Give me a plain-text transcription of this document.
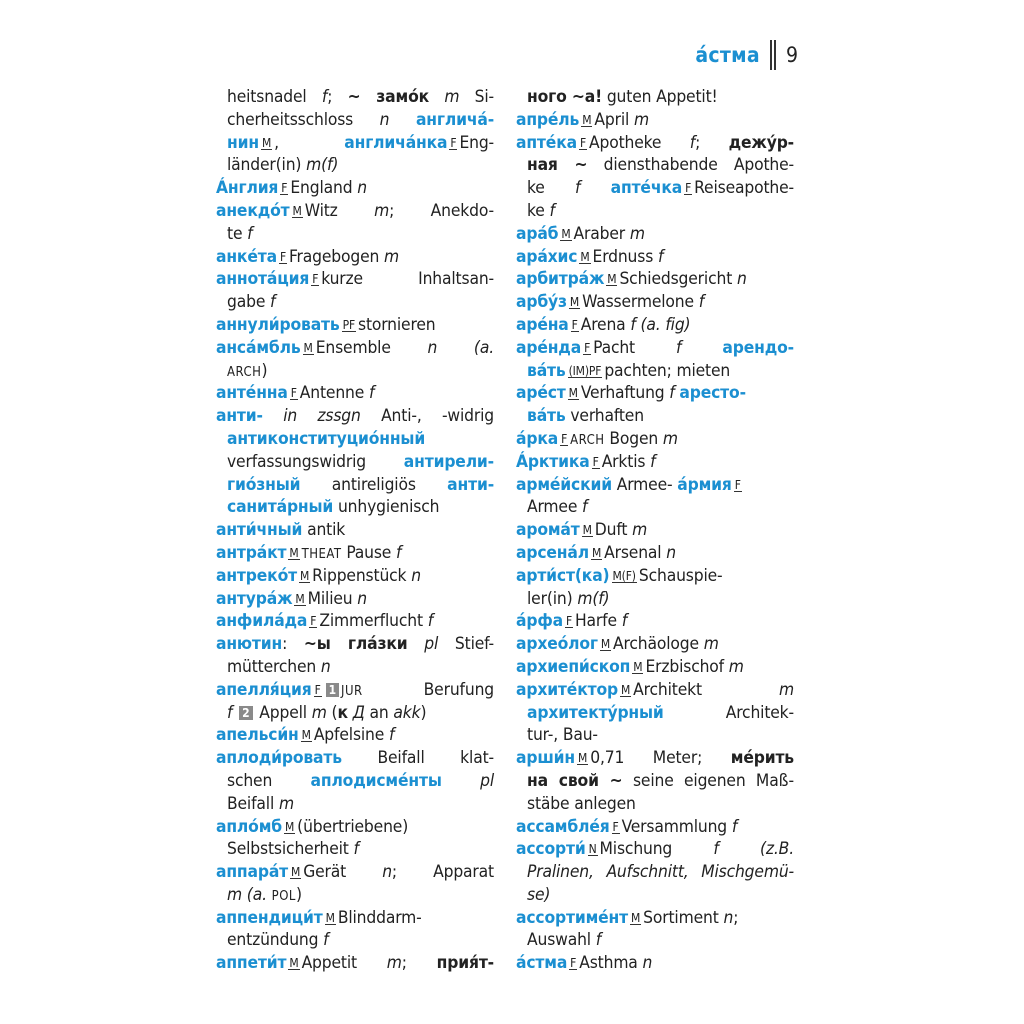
áстма 9
heitsnadel f; ~ замóк m Si-
cherheitsschloss n англичá-
нин M , англичáнка F Eng-
länder(in) m(f)
Áнглия F England n
анекдóт M Witz m; Anekdo-
te f
анкéта F Fragebogen m
аннотáция F kurze Inhaltsan-
gabe f
аннули́ровать PF stornieren
ансáмбль M Ensemble n (a.
ARCH)
антéнна F Antenne f
анти- in zssgn Anti-, -widrig
антиконституциóнный
verfassungswidrig антирели-
гиóзный antireligiös анти-
санитáрный unhygienisch
анти́чный antik
антрáкт M THEAT Pause f
антрекóт M Rippenstück n
антурáж M Milieu n
анфилáда F Zimmerflucht f
анютин: ~ы глáзки pl Stief-
mütterchen n
апелля́ция F 1 JUR Berufung
f 2 Appell m (к Д an akk)
апельси́н M Apfelsine f
аплоди́ровать Beifall klat-
schen аплодисмéнты pl
Beifall m
аплóмб M (übertriebene)
Selbstsicherheit f
аппарáт M Gerät n; Apparat
m (a. POL)
аппендици́т M Blinddarm-
entzündung f
аппети́т M Appetit m; прия́т-
ного ~а! guten Appetit!
апрéль M April m
аптéка F Apotheke f; дежу́р-
ная ~ diensthabende Apothe-
ke f аптéчка F Reiseapothe-
ke f
арáб M Araber m
арáхис M Erdnuss f
арбитрáж M Schiedsgericht n
арбу́з M Wassermelone f
арéна F Arena f (a. fig)
арéнда F Pacht f арендо-
вáть (IM)PF pachten; mieten
арéст M Verhaftung f аресто-
вáть verhaften
áрка F ARCH Bogen m
Áрктика F Arktis f
армéйский Armee- áрмия F
Armee f
аромáт M Duft m
арсенáл M Arsenal n
арти́ст(ка) M(F) Schauspie-
ler(in) m(f)
áрфа F Harfe f
археóлог M Archäologe m
архиепи́скоп M Erzbischof m
архитéктор M Architekt m
архитекту́рный Architek-
tur-, Bau-
арши́н M 0,71 Meter; мéрить
на свой ~ seine eigenen Maß-
stäbe anlegen
ассамблéя F Versammlung f
ассорти́ N Mischung f (z.B.
Pralinen, Aufschnitt, Mischgemü-
se)
ассортимéнт M Sortiment n;
Auswahl f
áстма F Asthma n
